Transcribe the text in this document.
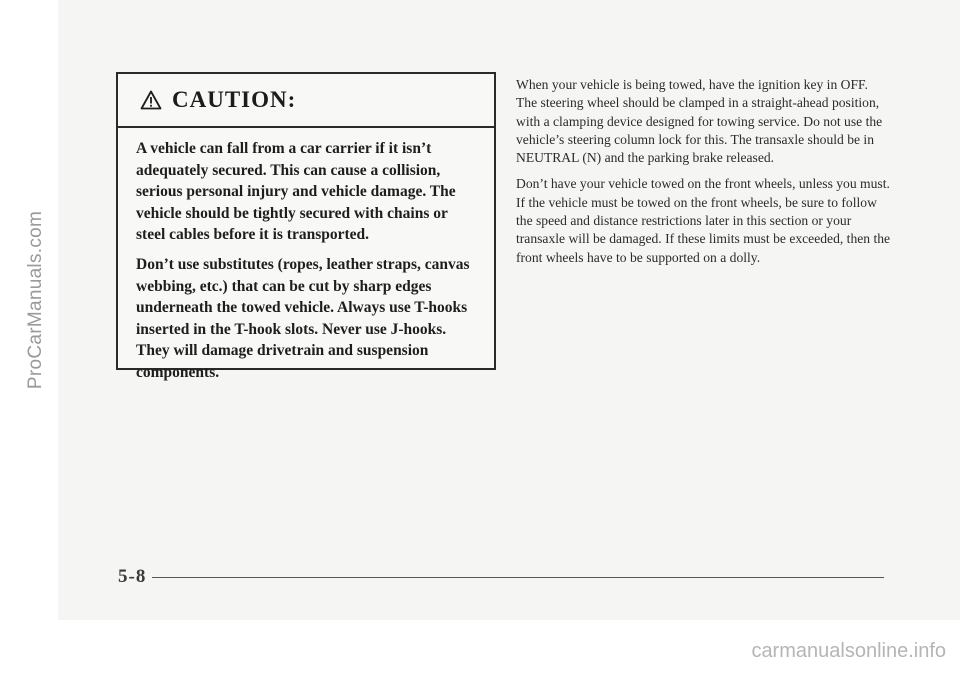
ProCarManuals.com
CAUTION:

A vehicle can fall from a car carrier if it isn’t adequately secured. This can cause a collision, serious personal injury and vehicle damage. The vehicle should be tightly secured with chains or steel cables before it is transported.

Don’t use substitutes (ropes, leather straps, canvas webbing, etc.) that can be cut by sharp edges underneath the towed vehicle. Always use T-hooks inserted in the T-hook slots. Never use J-hooks. They will damage drivetrain and suspension components.

When your vehicle is being towed, have the ignition key in OFF. The steering wheel should be clamped in a straight-ahead position, with a clamping device designed for towing service. Do not use the vehicle’s steering column lock for this. The transaxle should be in NEUTRAL (N) and the parking brake released.

Don’t have your vehicle towed on the front wheels, unless you must. If the vehicle must be towed on the front wheels, be sure to follow the speed and distance restrictions later in this section or your transaxle will be damaged. If these limits must be exceeded, then the front wheels have to be supported on a dolly.

5-8
carmanualsonline.info
